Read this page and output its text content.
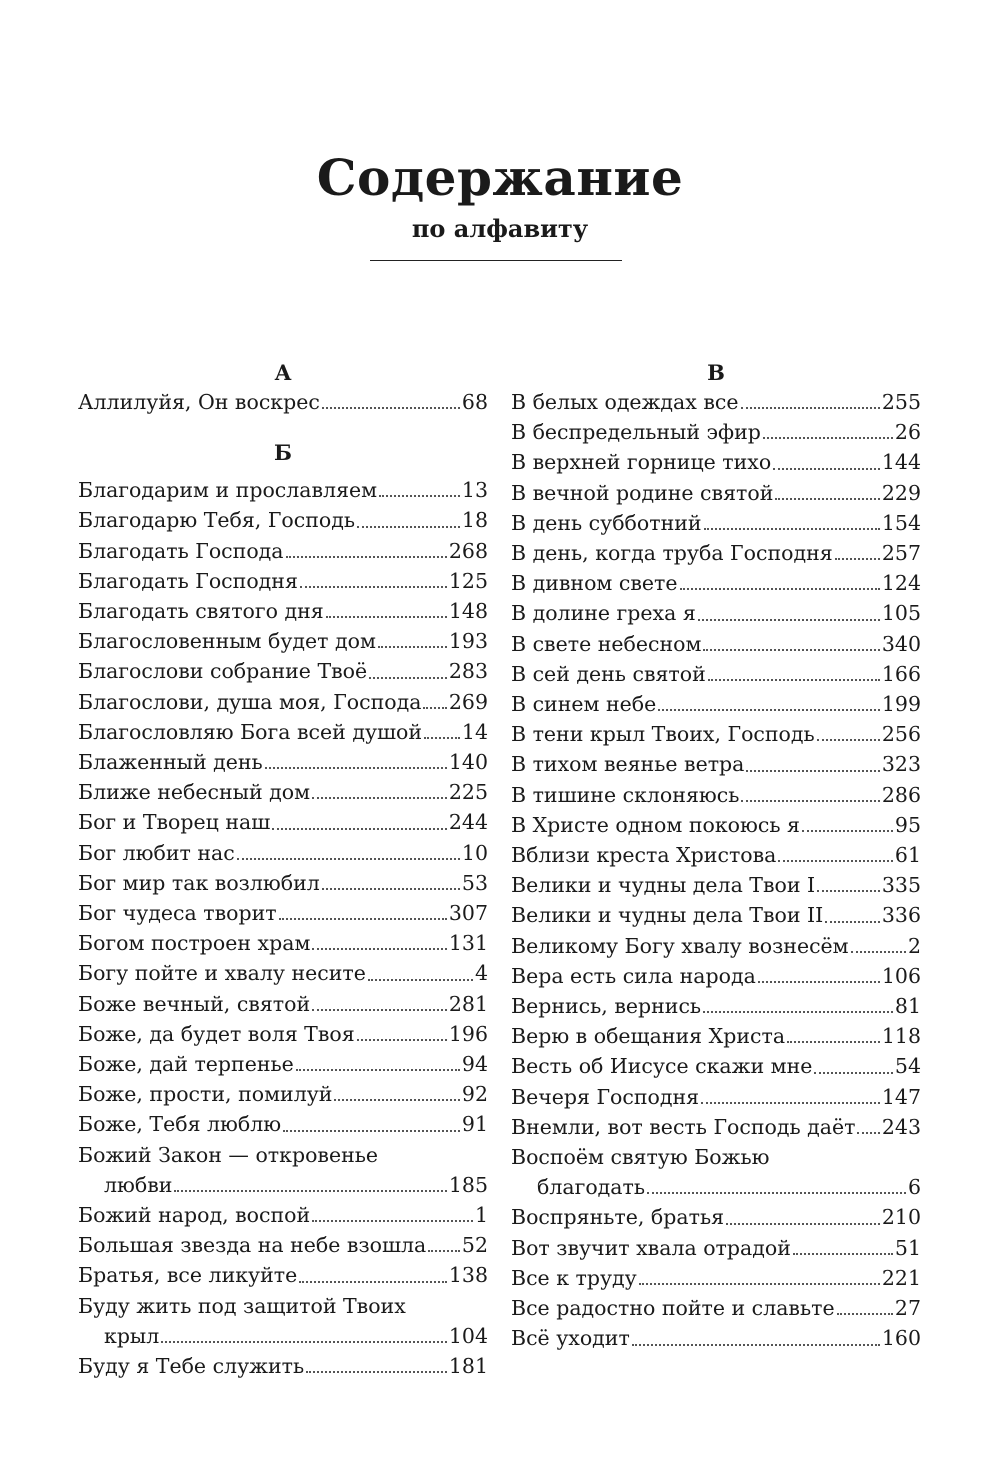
Содержание
по алфавиту
А
Аллилуйя, Он воскрес	68
Б
Благодарим и прославляем	13
Благодарю Тебя, Господь	18
Благодать Господа	268
Благодать Господня	125
Благодать святого дня	148
Благословенным будет дом	193
Благослови собрание Твоё	283
Благослови, душа моя, Господа 269
Благословляю Бога всей душой 14
Блаженный день	140
Ближе небесный дом	225
Бог и Творец наш	244
Бог любит нас	10
Бог мир так возлюбил	53
Бог чудеса творит	307
Богом построен храм	131
Богу пойте и хвалу несите	4
Боже вечный, святой	281
Боже, да будет воля Твоя	196
Боже, дай терпенье	94
Боже, прости, помилуй	92
Боже, Тебя люблю	91
Божий Закон — откровенье
любви	185
Божий народ, воспой	1
Большая звезда на небе взошла 52
Братья, все ликуйте	138
Буду жить под защитой Твоих
крыл	104
Буду я Тебе служить	181
В
В белых одеждах все	255
В беспредельный эфир	26
В верхней горнице тихо	144
В вечной родине святой	229
В день субботний	154
В день, когда труба Господня 257
В дивном свете	124
В долине греха я	105
В свете небесном	340
В сей день святой	166
В синем небе	199
В тени крыл Твоих, Господь	256
В тихом веянье ветра	323
В тишине склоняюсь	286
В Христе одном покоюсь я	95
Вблизи креста Христова	61
Велики и чудны дела Твои I	335
Велики и чудны дела Твои II	336
Великому Богу хвалу вознесём	2
Вера есть сила народа	106
Вернись, вернись	81
Верю в обещания Христа	118
Весть об Иисусе скажи мне	54
Вечеря Господня	147
Внемли, вот весть Господь даёт 243
Воспоём святую Божью
благодать	6
Воспряньте, братья	210
Вот звучит хвала отрадой	51
Все к труду	221
Все радостно пойте и славьте	27
Всё уходит	160
